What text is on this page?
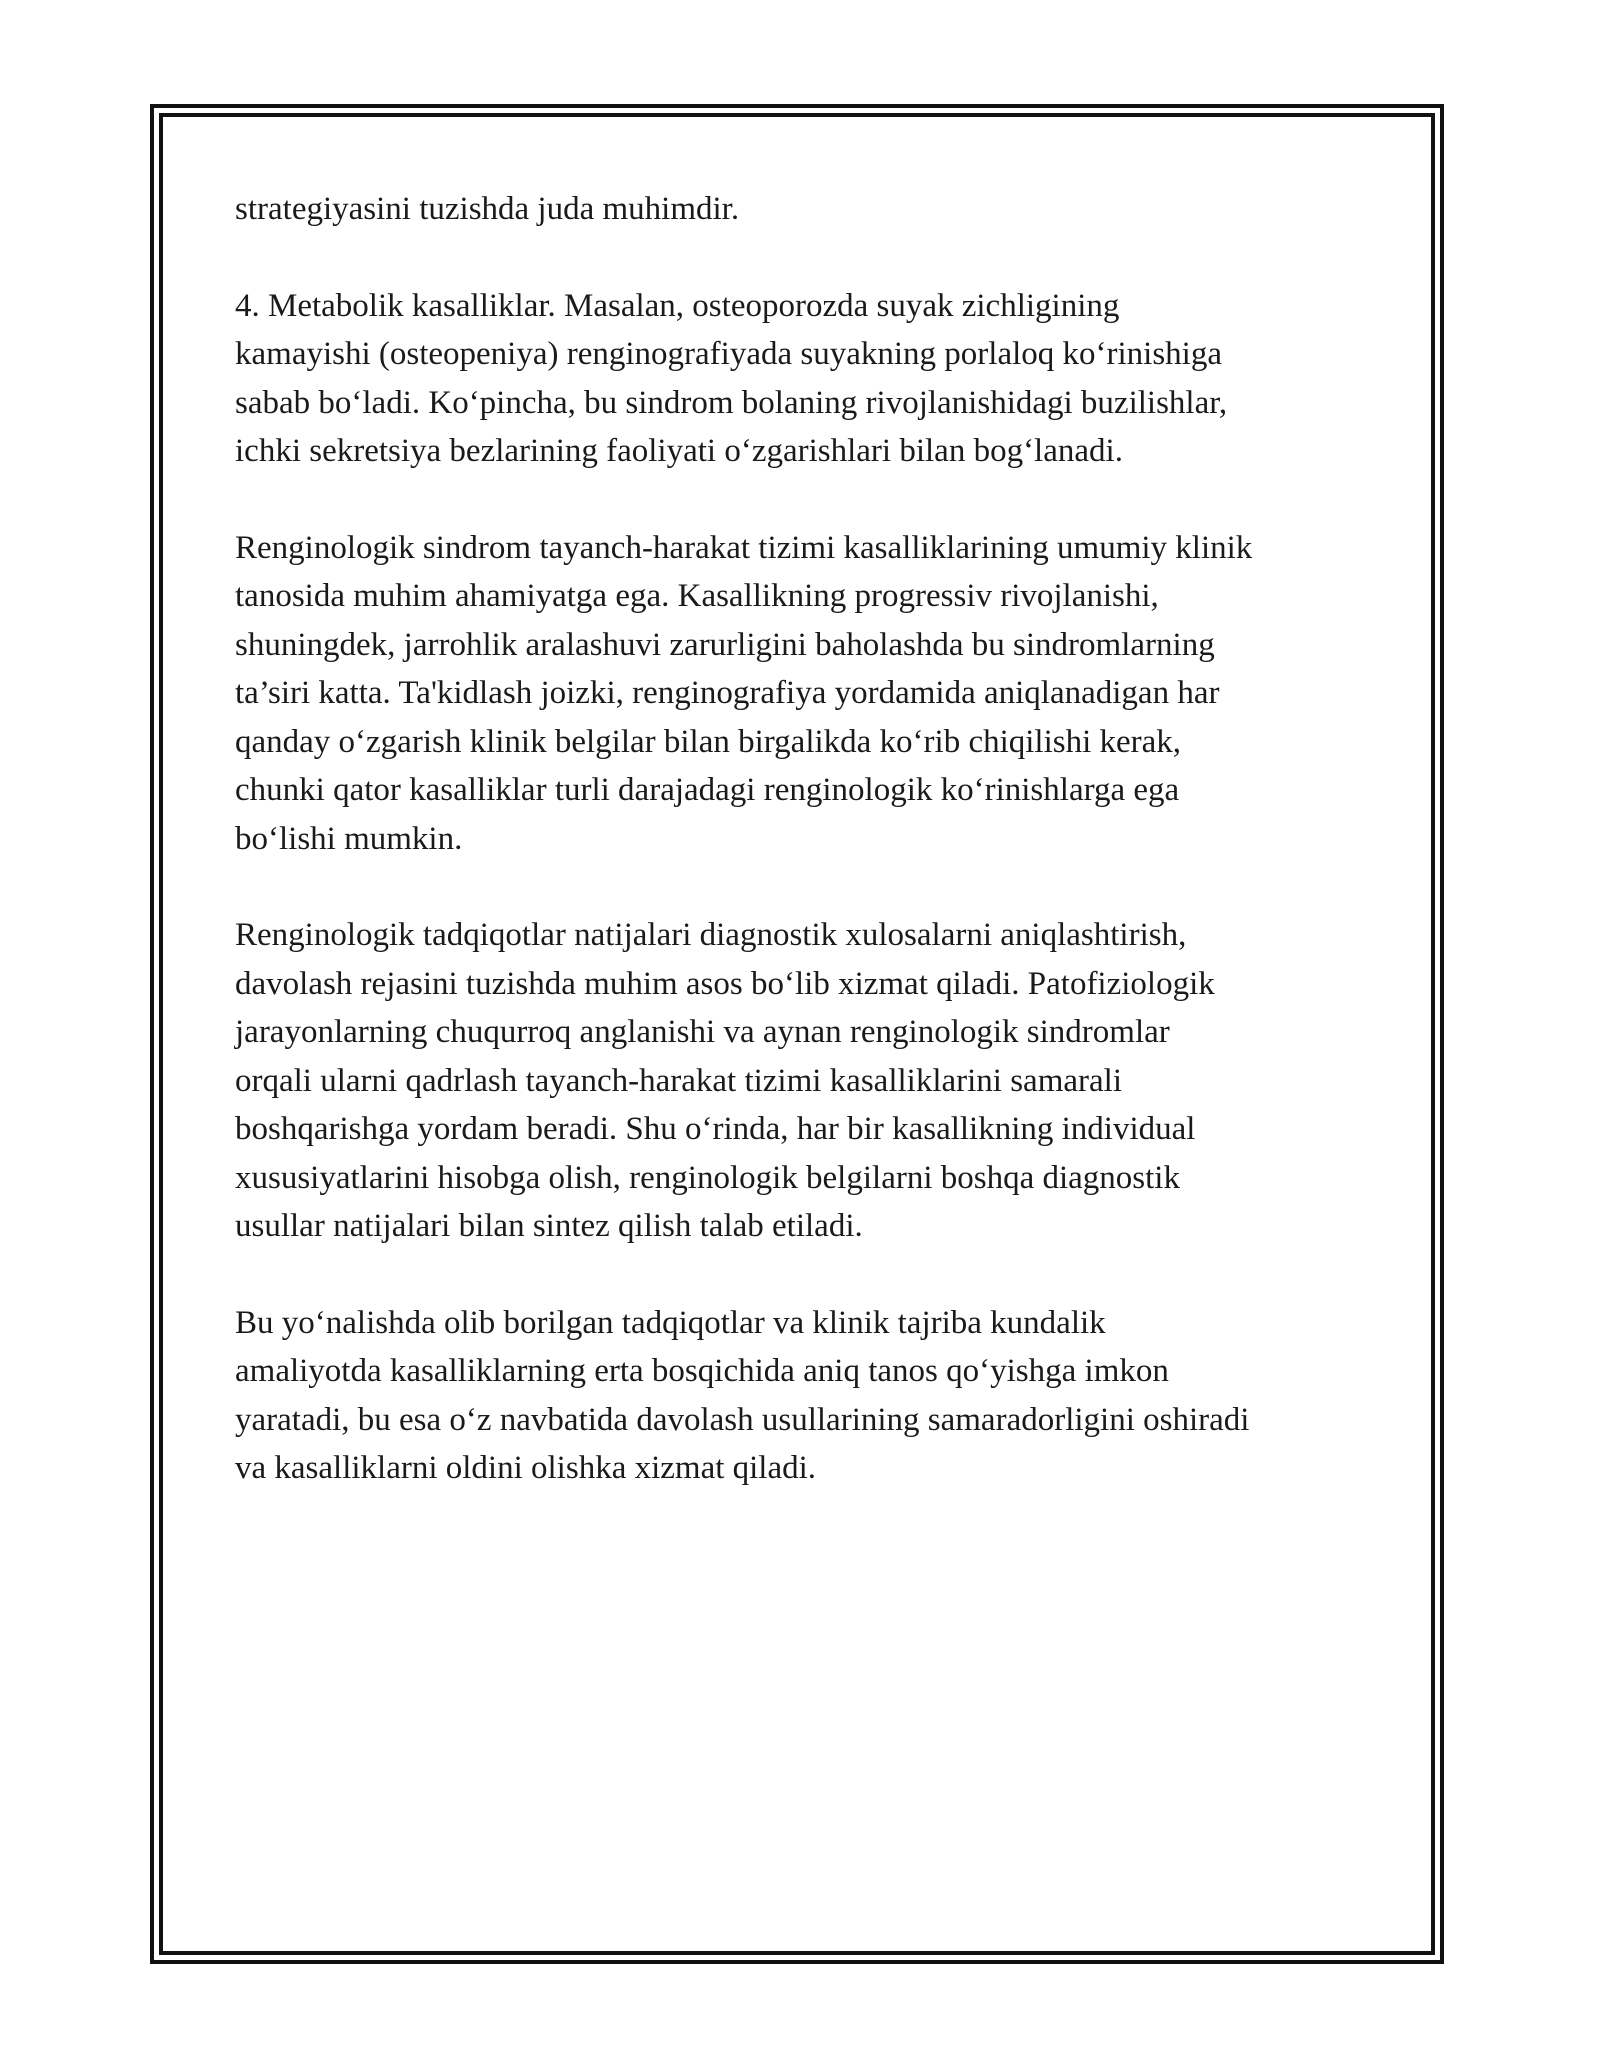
strategiyasini tuzishda juda muhimdir.

4. Metabolik kasalliklar. Masalan, osteoporozda suyak zichligining
kamayishi (osteopeniya) renginografiyada suyakning porlaloq ko‘rinishiga
sabab bo‘ladi. Ko‘pincha, bu sindrom bolaning rivojlanishidagi buzilishlar,
ichki sekretsiya bezlarining faoliyati o‘zgarishlari bilan bog‘lanadi.

Renginologik sindrom tayanch-harakat tizimi kasalliklarining umumiy klinik
tanosida muhim ahamiyatga ega. Kasallikning progressiv rivojlanishi,
shuningdek, jarrohlik aralashuvi zarurligini baholashda bu sindromlarning
ta’siri katta. Ta'kidlash joizki, renginografiya yordamida aniqlanadigan har
qanday o‘zgarish klinik belgilar bilan birgalikda ko‘rib chiqilishi kerak,
chunki qator kasalliklar turli darajadagi renginologik ko‘rinishlarga ega
bo‘lishi mumkin.

Renginologik tadqiqotlar natijalari diagnostik xulosalarni aniqlashtirish,
davolash rejasini tuzishda muhim asos bo‘lib xizmat qiladi. Patofiziologik
jarayonlarning chuqurroq anglanishi va aynan renginologik sindromlar
orqali ularni qadrlash tayanch-harakat tizimi kasalliklarini samarali
boshqarishga yordam beradi. Shu o‘rinda, har bir kasallikning individual
xususiyatlarini hisobga olish, renginologik belgilarni boshqa diagnostik
usullar natijalari bilan sintez qilish talab etiladi.

Bu yo‘nalishda olib borilgan tadqiqotlar va klinik tajriba kundalik
amaliyotda kasalliklarning erta bosqichida aniq tanos qo‘yishga imkon
yaratadi, bu esa o‘z navbatida davolash usullarining samaradorligini oshiradi
va kasalliklarni oldini olishka xizmat qiladi.
